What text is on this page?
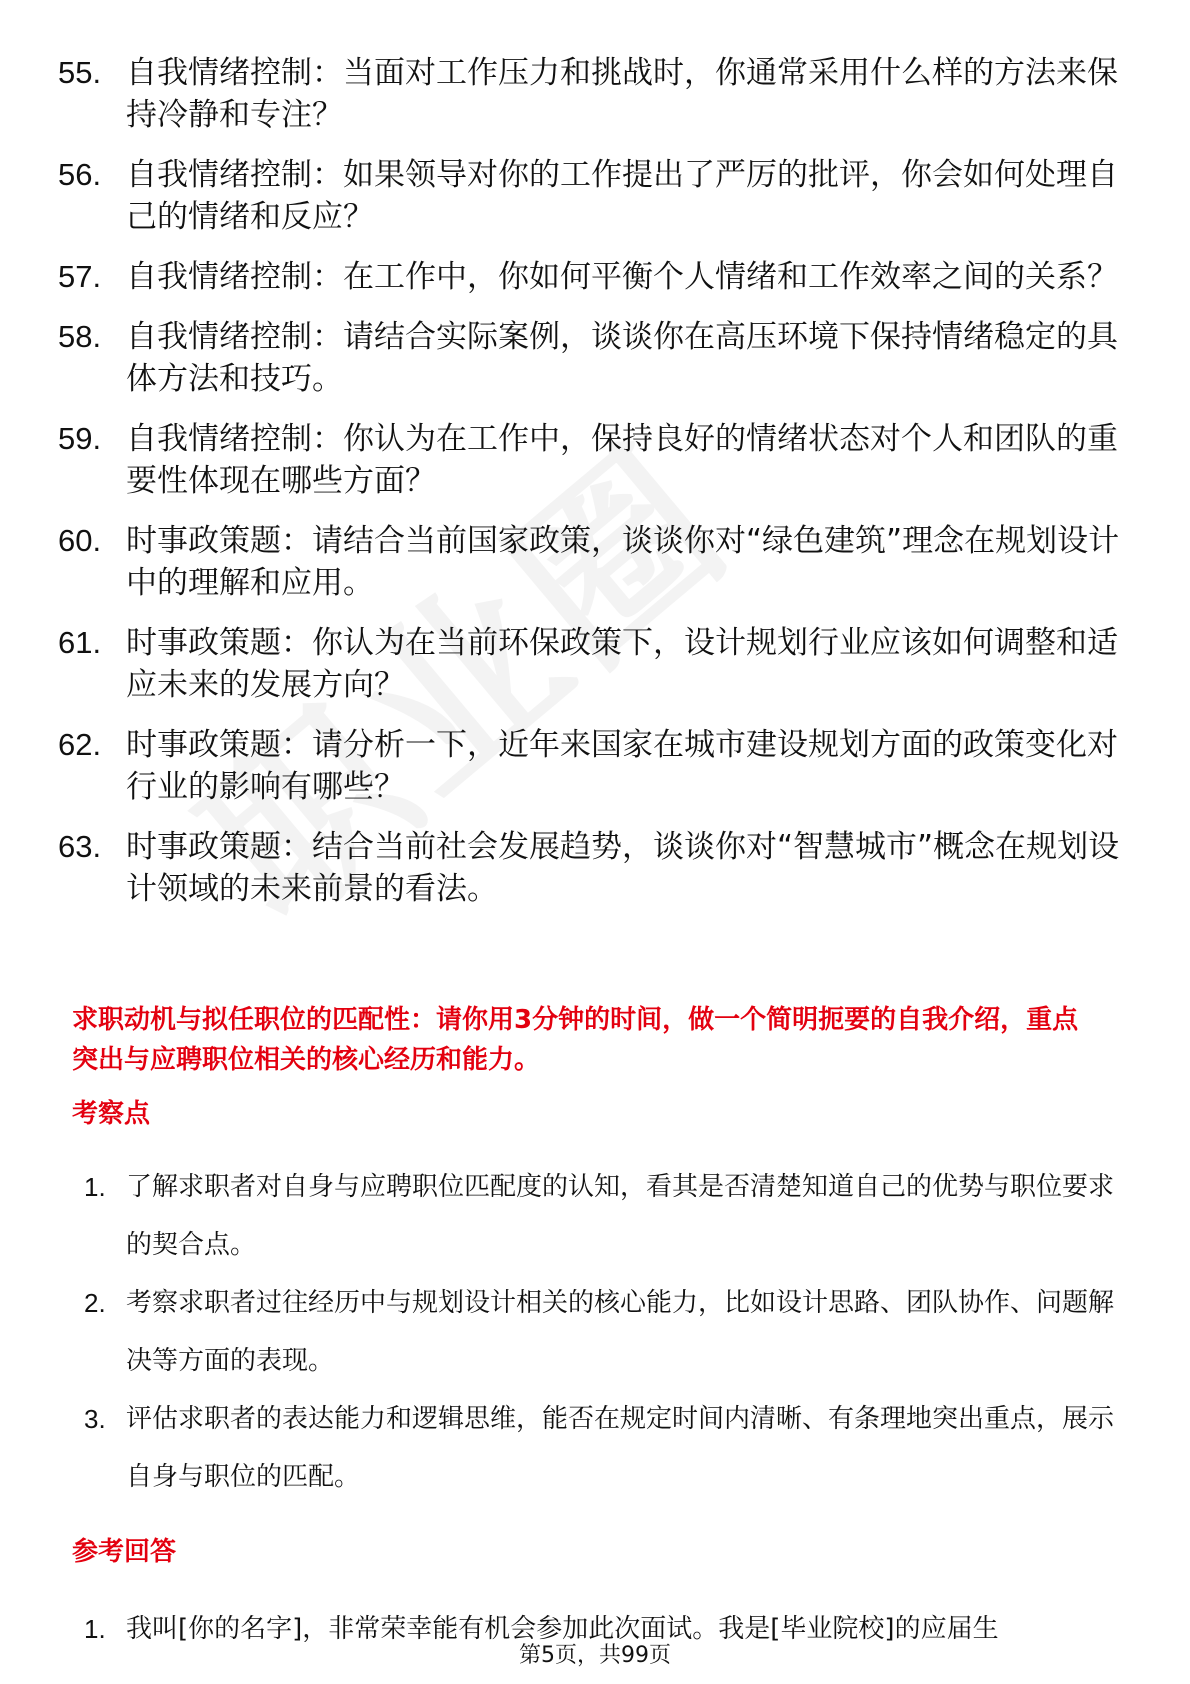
55. 自我情绪控制：当面对工作压力和挑战时，你通常采用什么样的方法来保持冷静和专注？
56. 自我情绪控制：如果领导对你的工作提出了严厉的批评，你会如何处理自己的情绪和反应？
57. 自我情绪控制：在工作中，你如何平衡个人情绪和工作效率之间的关系？
58. 自我情绪控制：请结合实际案例，谈谈你在高压环境下保持情绪稳定的具体方法和技巧。
59. 自我情绪控制：你认为在工作中，保持良好的情绪状态对个人和团队的重要性体现在哪些方面？
60. 时事政策题：请结合当前国家政策，谈谈你对“绿色建筑”理念在规划设计中的理解和应用。
61. 时事政策题：你认为在当前环保政策下，设计规划行业应该如何调整和适应未来的发展方向？
62. 时事政策题：请分析一下，近年来国家在城市建设规划方面的政策变化对行业的影响有哪些？
63. 时事政策题：结合当前社会发展趋势，谈谈你对“智慧城市”概念在规划设计领域的未来前景的看法。
求职动机与拟任职位的匹配性：请你用3分钟的时间，做一个简明扼要的自我介绍，重点突出与应聘职位相关的核心经历和能力。
考察点
1. 了解求职者对自身与应聘职位匹配度的认知，看其是否清楚知道自己的优势与职位要求的契合点。
2. 考察求职者过往经历中与规划设计相关的核心能力，比如设计思路、团队协作、问题解决等方面的表现。
3. 评估求职者的表达能力和逻辑思维，能否在规定时间内清晰、有条理地突出重点，展示自身与职位的匹配。
参考回答
1. 我叫[你的名字]，非常荣幸能有机会参加此次面试。我是[毕业院校]的应届生
第5页，共99页
